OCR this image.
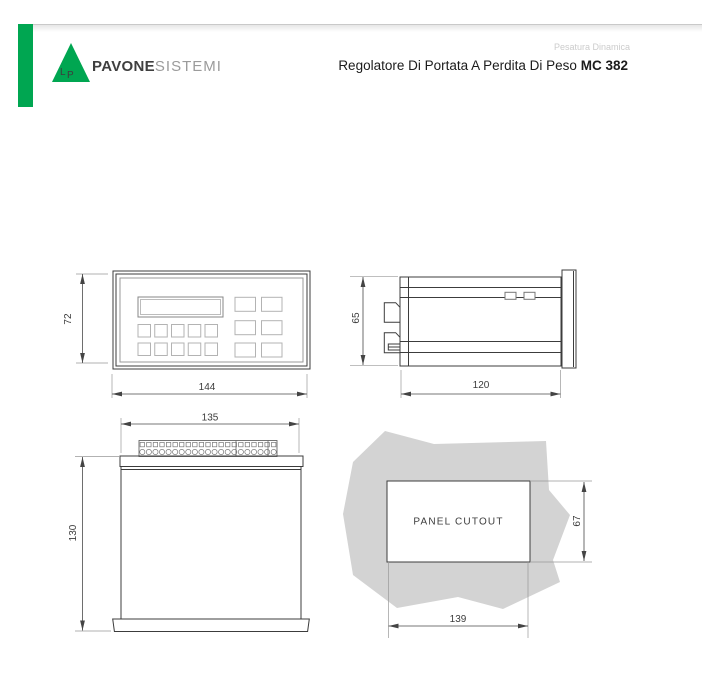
L P
PAVONESISTEMI
Pesatura Dinamica
Regolatore Di Portata A Perdita Di Peso MC 382
72
144
65
120
135
130
PANEL CUTOUT	67
139
